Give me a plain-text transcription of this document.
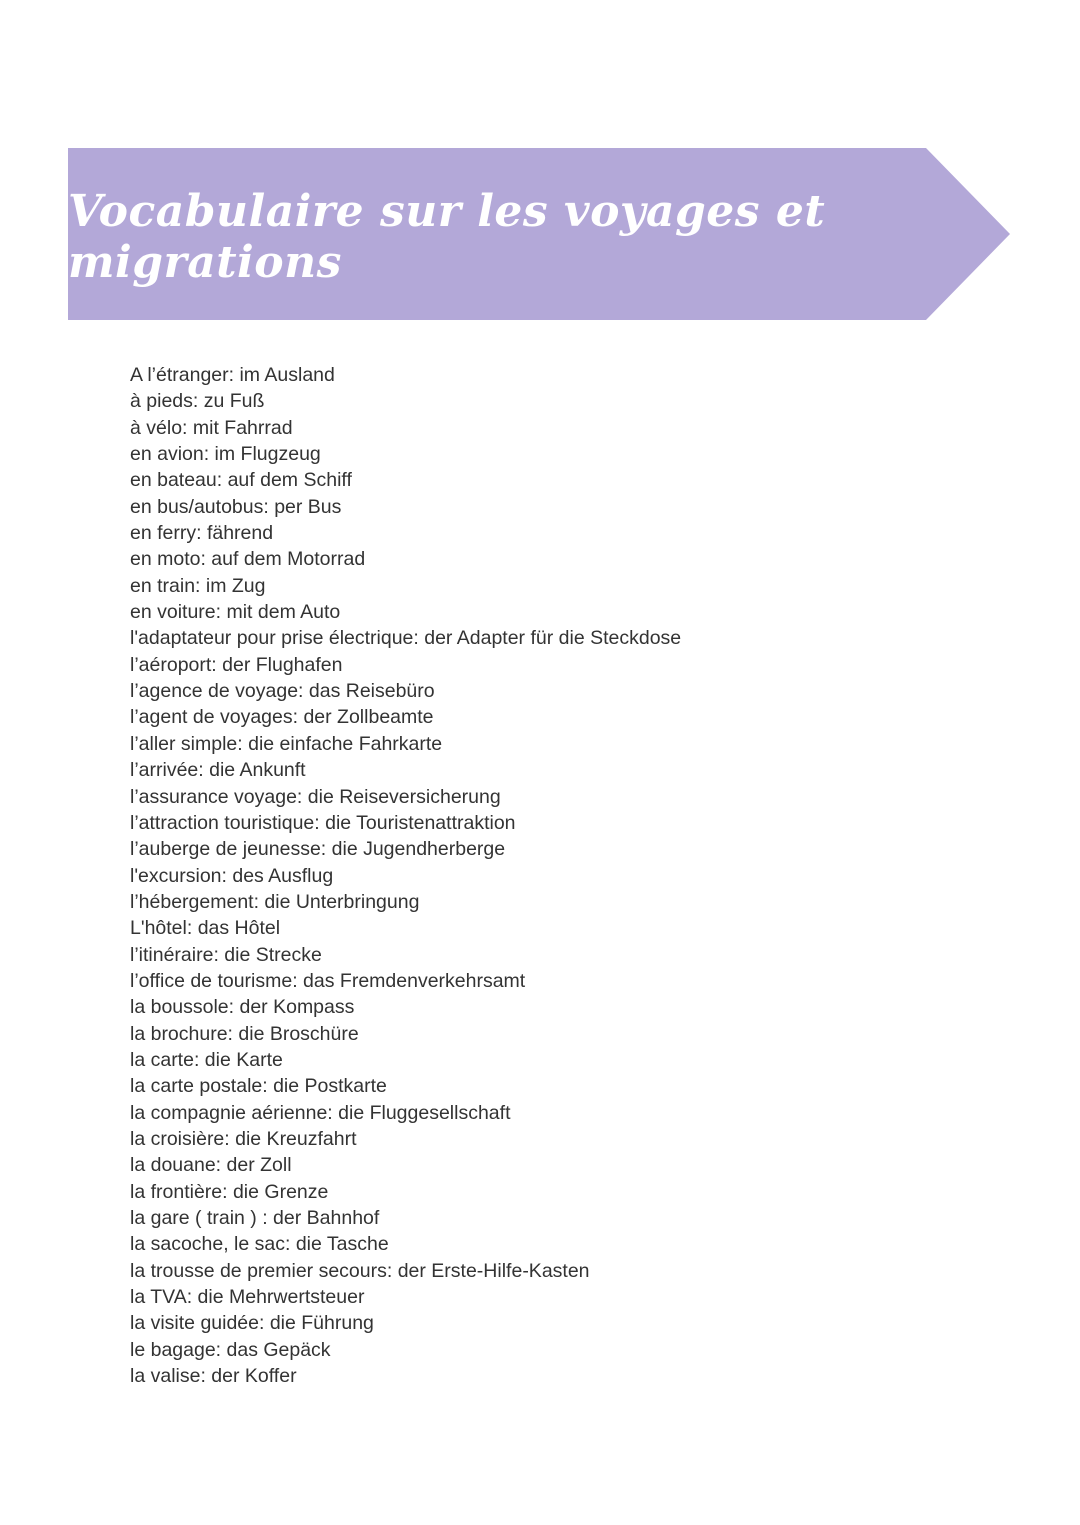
Vocabulaire sur les voyages et migrations
A l’étranger: im Ausland
à pieds: zu Fuß
à vélo: mit Fahrrad
en avion: im Flugzeug
en bateau: auf dem Schiff
en bus/autobus: per Bus
en ferry: fährend
en moto: auf dem Motorrad
en train: im Zug
en voiture: mit dem Auto
l'adaptateur pour prise électrique: der Adapter für die Steckdose
l’aéroport: der Flughafen
l’agence de voyage: das Reisebüro
l’agent de voyages: der Zollbeamte
l’aller simple: die einfache Fahrkarte
l’arrivée: die Ankunft
l’assurance voyage: die Reiseversicherung
l’attraction touristique: die Touristenattraktion
l’auberge de jeunesse: die Jugendherberge
l'excursion: des Ausflug
l’hébergement: die Unterbringung
L'hôtel: das Hôtel
l’itinéraire: die Strecke
l’office de tourisme: das Fremdenverkehrsamt
la boussole: der Kompass
la brochure: die Broschüre
la carte: die Karte
la carte postale: die Postkarte
la compagnie aérienne: die Fluggesellschaft
la croisière: die Kreuzfahrt
la douane: der Zoll
la frontière: die Grenze
la gare ( train ) : der Bahnhof
la sacoche, le sac: die Tasche
la trousse de premier secours: der Erste-Hilfe-Kasten
la TVA: die Mehrwertsteuer
la visite guidée: die Führung
le bagage: das Gepäck
la valise: der Koffer
